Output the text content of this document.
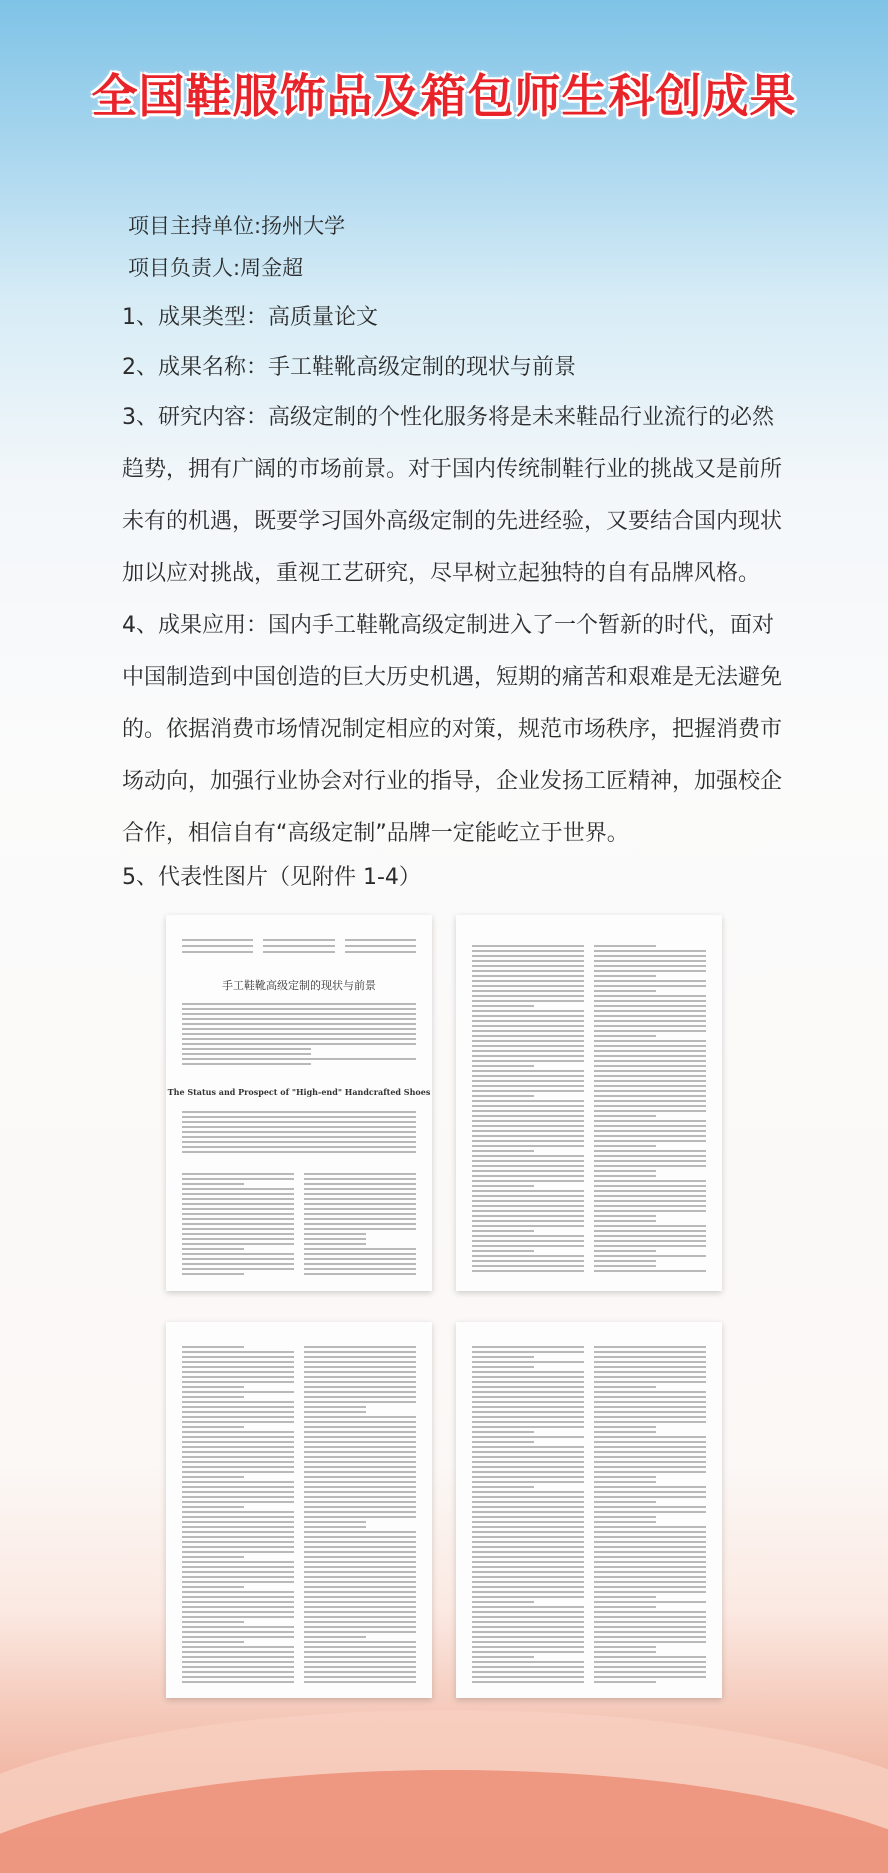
全国鞋服饰品及箱包师生科创成果
项目主持单位:扬州大学
项目负责人:周金超
1、成果类型：高质量论文
2、成果名称：手工鞋靴高级定制的现状与前景
3、研究内容：高级定制的个性化服务将是未来鞋品行业流行的必然
趋势，拥有广阔的市场前景。对于国内传统制鞋行业的挑战又是前所
未有的机遇，既要学习国外高级定制的先进经验，又要结合国内现状
加以应对挑战，重视工艺研究，尽早树立起独特的自有品牌风格。
4、成果应用：国内手工鞋靴高级定制进入了一个暂新的时代，面对
中国制造到中国创造的巨大历史机遇，短期的痛苦和艰难是无法避免
的。依据消费市场情况制定相应的对策，规范市场秩序，把握消费市
场动向，加强行业协会对行业的指导，企业发扬工匠精神，加强校企
合作，相信自有“高级定制”品牌一定能屹立于世界。
5、代表性图片（见附件 1-4）
手工鞋靴高级定制的现状与前景
The Status and Prospect of "High-end" Handcrafted Shoes
